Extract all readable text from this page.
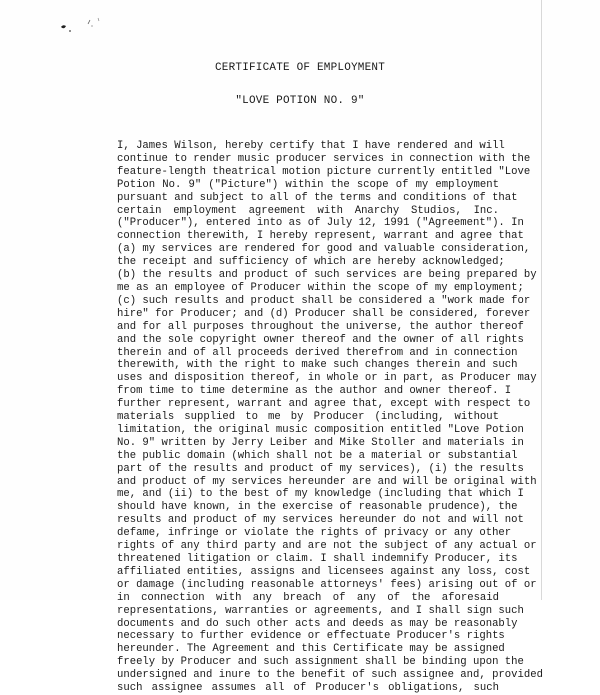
CERTIFICATE OF EMPLOYMENT
"LOVE POTION NO. 9"
I, James Wilson, hereby certify that I have rendered and will
continue to render music producer services in connection with the
feature-length theatrical motion picture currently entitled "Love
Potion No. 9" ("Picture") within the scope of my employment
pursuant and subject to all of the terms and conditions of that
certain employment agreement with Anarchy Studios, Inc.
("Producer"), entered into as of July 12, 1991 ("Agreement"). In
connection therewith, I hereby represent, warrant and agree that
(a) my services are rendered for good and valuable consideration,
the receipt and sufficiency of which are hereby acknowledged;
(b) the results and product of such services are being prepared by
me as an employee of Producer within the scope of my employment;
(c) such results and product shall be considered a "work made for
hire" for Producer; and (d) Producer shall be considered, forever
and for all purposes throughout the universe, the author thereof
and the sole copyright owner thereof and the owner of all rights
therein and of all proceeds derived therefrom and in connection
therewith, with the right to make such changes therein and such
uses and disposition thereof, in whole or in part, as Producer may
from time to time determine as the author and owner thereof. I
further represent, warrant and agree that, except with respect to
materials supplied to me by Producer (including, without
limitation, the original music composition entitled "Love Potion
No. 9" written by Jerry Leiber and Mike Stoller and materials in
the public domain (which shall not be a material or substantial
part of the results and product of my services), (i) the results
and product of my services hereunder are and will be original with
me, and (ii) to the best of my knowledge (including that which I
should have known, in the exercise of reasonable prudence), the
results and product of my services hereunder do not and will not
defame, infringe or violate the rights of privacy or any other
rights of any third party and are not the subject of any actual or
threatened litigation or claim. I shall indemnify Producer, its
affiliated entities, assigns and licensees against any loss, cost
or damage (including reasonable attorneys' fees) arising out of or
in connection with any breach of any of the aforesaid
representations, warranties or agreements, and I shall sign such
documents and do such other acts and deeds as may be reasonably
necessary to further evidence or effectuate Producer's rights
hereunder. The Agreement and this Certificate may be assigned
freely by Producer and such assignment shall be binding upon the
undersigned and inure to the benefit of such assignee and, provided
such assignee assumes all of Producer's obligations, such
